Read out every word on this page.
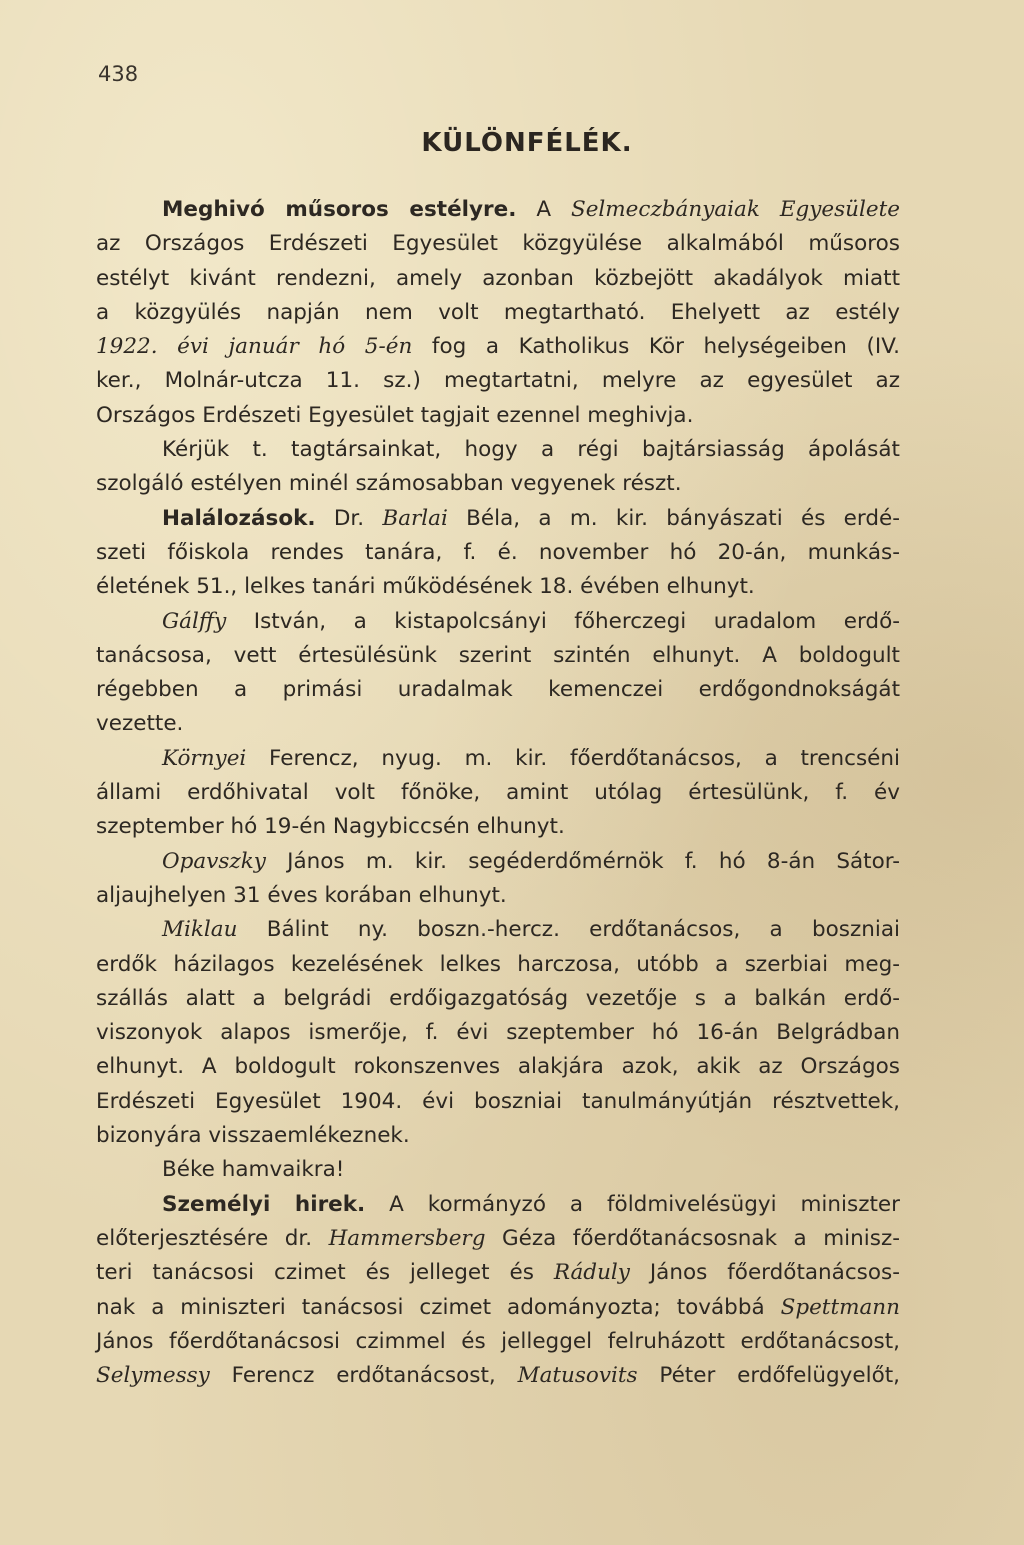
438
KÜLÖNFÉLÉK.
Meghivó műsoros estélyre. A Selmeczbányaiak Egyesülete
az Országos Erdészeti Egyesület közgyülése alkalmából műsoros
estélyt kivánt rendezni, amely azonban közbejött akadályok miatt
a közgyülés napján nem volt megtartható. Ehelyett az estély
1922. évi január hó 5-én fog a Katholikus Kör helységeiben (IV.
ker., Molnár-utcza 11. sz.) megtartatni, melyre az egyesület az
Országos Erdészeti Egyesület tagjait ezennel meghivja.
Kérjük t. tagtársainkat, hogy a régi bajtársiasság ápolását
szolgáló estélyen minél számosabban vegyenek részt.
Halálozások. Dr. Barlai Béla, a m. kir. bányászati és erdé-
szeti főiskola rendes tanára, f. é. november hó 20-án, munkás-
életének 51., lelkes tanári működésének 18. évében elhunyt.
Gálffy István, a kistapolcsányi főherczegi uradalom erdő-
tanácsosa, vett értesülésünk szerint szintén elhunyt. A boldogult
régebben a primási uradalmak kemenczei erdőgondnokságát
vezette.
Környei Ferencz, nyug. m. kir. főerdőtanácsos, a trencséni
állami erdőhivatal volt főnöke, amint utólag értesülünk, f. év
szeptember hó 19-én Nagybiccsén elhunyt.
Opavszky János m. kir. segéderdőmérnök f. hó 8-án Sátor-
aljaujhelyen 31 éves korában elhunyt.
Miklau Bálint ny. boszn.-hercz. erdőtanácsos, a boszniai
erdők házilagos kezelésének lelkes harczosa, utóbb a szerbiai meg-
szállás alatt a belgrádi erdőigazgatóság vezetője s a balkán erdő-
viszonyok alapos ismerője, f. évi szeptember hó 16-án Belgrádban
elhunyt. A boldogult rokonszenves alakjára azok, akik az Országos
Erdészeti Egyesület 1904. évi boszniai tanulmányútján résztvettek,
bizonyára visszaemlékeznek.
Béke hamvaikra!
Személyi hirek. A kormányzó a földmivelésügyi miniszter
előterjesztésére dr. Hammersberg Géza főerdőtanácsosnak a minisz-
teri tanácsosi czimet és jelleget és Ráduly János főerdőtanácsos-
nak a miniszteri tanácsosi czimet adományozta; továbbá Spettmann
János főerdőtanácsosi czimmel és jelleggel felruházott erdőtanácsost,
Selymessy Ferencz erdőtanácsost, Matusovits Péter erdőfelügyelőt,
